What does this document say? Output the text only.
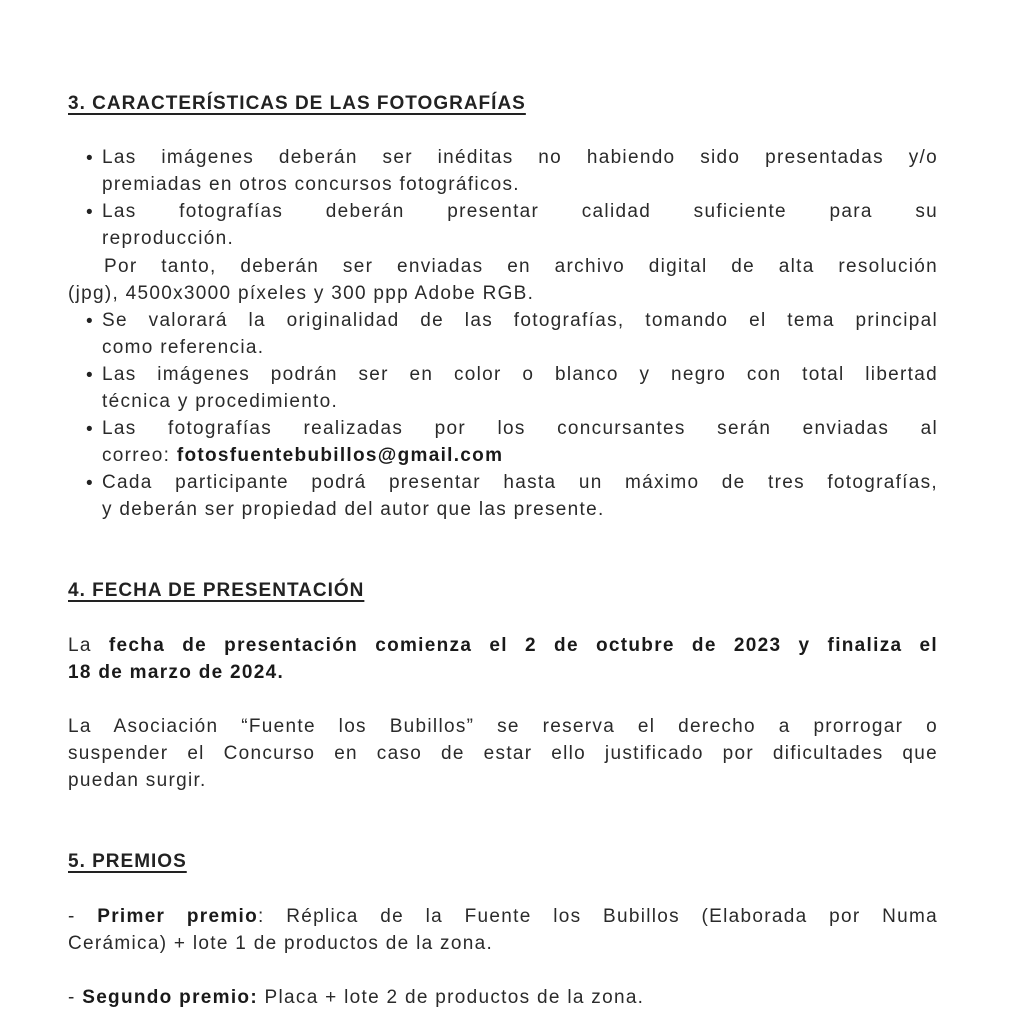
3. CARACTERÍSTICAS DE LAS FOTOGRAFÍAS
• Las imágenes deberán ser inéditas no habiendo sido presentadas y/o
premiadas en otros concursos fotográficos.
• Las fotografías deberán presentar calidad suficiente para su
reproducción.
Por tanto, deberán ser enviadas en archivo digital de alta resolución
(jpg), 4500x3000 píxeles y 300 ppp Adobe RGB.
• Se valorará la originalidad de las fotografías, tomando el tema principal
como referencia.
• Las imágenes podrán ser en color o blanco y negro con total libertad
técnica y procedimiento.
• Las fotografías realizadas por los concursantes serán enviadas al
correo: fotosfuentebubillos@gmail.com
• Cada participante podrá presentar hasta un máximo de tres fotografías,
y deberán ser propiedad del autor que las presente.
4. FECHA DE PRESENTACIÓN
La fecha de presentación comienza el 2 de octubre de 2023 y finaliza el
18 de marzo de 2024.
La Asociación “Fuente los Bubillos” se reserva el derecho a prorrogar o
suspender el Concurso en caso de estar ello justificado por dificultades que
puedan surgir.
5. PREMIOS
- Primer premio: Réplica de la Fuente los Bubillos (Elaborada por Numa
Cerámica) + lote 1 de productos de la zona.
- Segundo premio: Placa + lote 2 de productos de la zona.
